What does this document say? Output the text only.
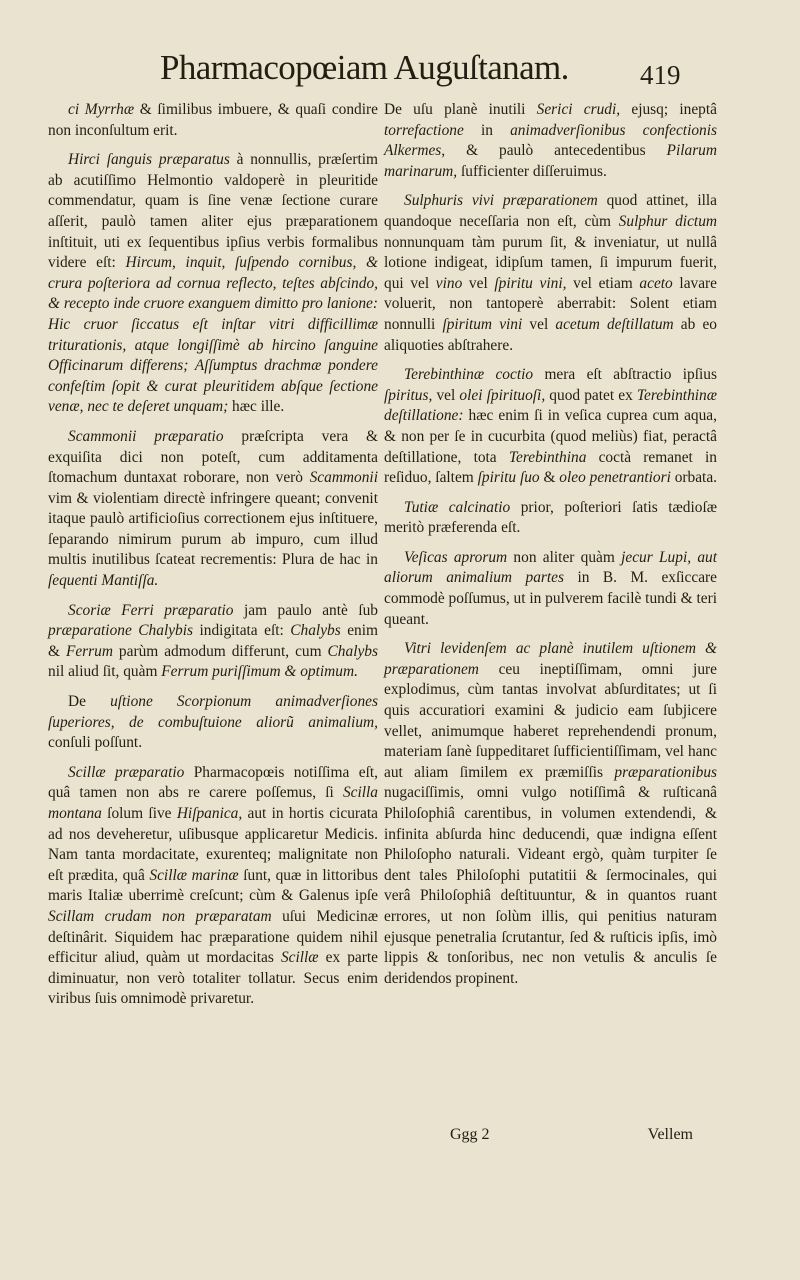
Pharmacopœiam Auguſtanam.	419

ci Myrrhæ & ſimilibus imbuere, & quaſi condire non inconſultum erit.

Hirci ſanguis præparatus à nonnullis, præſertim ab acutiſſimo Helmontio valdoperè in pleuritide commendatur, quam is ſine venæ ſectione curare aſſerit, paulò tamen aliter ejus præparationem inſtituit, uti ex ſequentibus ipſius verbis formalibus videre eſt: Hircum, inquit, ſuſpendo cornibus, & crura poſteriora ad cornua reflecto, teſtes abſcindo, & recepto inde cruore exanguem dimitto pro lanione: Hic cruor ſiccatus eſt inſtar vitri difficillimæ triturationis, atque longiſſimè ab hircino ſanguine Officinarum differens; Aſſumptus drachmæ pondere confeſtim ſopit & curat pleuritidem abſque ſectione venæ, nec te deſeret unquam; hæc ille.

Scammonii præparatio præſcripta vera & exquiſita dici non poteſt, cum additamenta ſtomachum duntaxat roborare, non verò Scammonii vim & violentiam directè infringere queant; convenit itaque paulò artificioſius correctionem ejus inſtituere, ſeparando nimirum purum ab impuro, cum illud multis inutilibus ſcateat recrementis: Plura de hac in ſequenti Mantiſſa.

Scoriæ Ferri præparatio jam paulo antè ſub præparatione Chalybis indigitata eſt: Chalybs enim & Ferrum parùm admodum differunt, cum Chalybs nil aliud ſit, quàm Ferrum puriſſimum & optimum.

De uſtione Scorpionum animadverſiones ſuperiores, de combuſtuione aliorũ animalium, conſuli poſſunt.

Scillæ præparatio Pharmacopœis notiſſima eſt, quâ tamen non abs re carere poſſemus, ſi Scilla montana ſolum ſive Hiſpanica, aut in hortis cicurata ad nos deveheretur, uſibusque applicaretur Medicis. Nam tanta mordacitate, exurenteq; malignitate non eſt prædita, quâ Scillæ marinæ ſunt, quæ in littoribus maris Italiæ uberrimè creſcunt; cùm & Galenus ipſe Scillam crudam non præparatam uſui Medicinæ deſtinârit. Siquidem hac præparatione quidem nihil efficitur aliud, quàm ut mordacitas Scillæ ex parte diminuatur, non verò totaliter tollatur. Secus enim viribus ſuis omnimodè privaretur.

De uſu planè inutili Serici crudi, ejusq; ineptâ torrefactione in animadverſionibus confectionis Alkermes, & paulò antecedentibus Pilarum marinarum, ſufficienter diſſeruimus.

Sulphuris vivi præparationem quod attinet, illa quandoque neceſſaria non eſt, cùm Sulphur dictum nonnunquam tàm purum ſit, & inveniatur, ut nullâ lotione indigeat, idipſum tamen, ſi impurum fuerit, qui vel vino vel ſpiritu vini, vel etiam aceto lavare voluerit, non tantoperè aberrabit: Solent etiam nonnulli ſpiritum vini vel acetum deſtillatum ab eo aliquoties abſtrahere.

Terebinthinæ coctio mera eſt abſtractio ipſius ſpiritus, vel olei ſpirituoſi, quod patet ex Terebinthinæ deſtillatione: hæc enim ſi in veſica cuprea cum aqua, & non per ſe in cucurbita (quod meliùs) fiat, peractâ deſtillatione, tota Terebinthina coctà remanet in reſiduo, ſaltem ſpiritu ſuo & oleo penetrantiori orbata.

Tutiæ calcinatio prior, poſteriori ſatis tædioſæ meritò præferenda eſt.

Veſicas aprorum non aliter quàm jecur Lupi, aut aliorum animalium partes in B. M. exſiccare commodè poſſumus, ut in pulverem facilè tundi & teri queant.

Vitri levidenſem ac planè inutilem uſtionem & præparationem ceu ineptiſſimam, omni jure explodimus, cùm tantas involvat abſurditates; ut ſi quis accuratiori examini & judicio eam ſubjicere vellet, animumque haberet reprehendendi pronum, materiam ſanè ſuppeditaret ſufficientiſſimam, vel hanc aut aliam ſimilem ex præmiſſis præparationibus nugaciſſimis, omni vulgo notiſſimâ & ruſticanâ Philoſophiâ carentibus, in volumen extendendi, & infinita abſurda hinc deducendi, quæ indigna eſſent Philoſopho naturali. Videant ergò, quàm turpiter ſe dent tales Philoſophi putatitii & ſermocinales, qui verâ Philoſophiâ deſtituuntur, & in quantos ruant errores, ut non ſolùm illis, qui penitius naturam ejusque penetralia ſcrutantur, ſed & ruſticis ipſis, imò lippis & tonſoribus, nec non vetulis & anculis ſe deridendos propinent.

Ggg 2	Vellem
